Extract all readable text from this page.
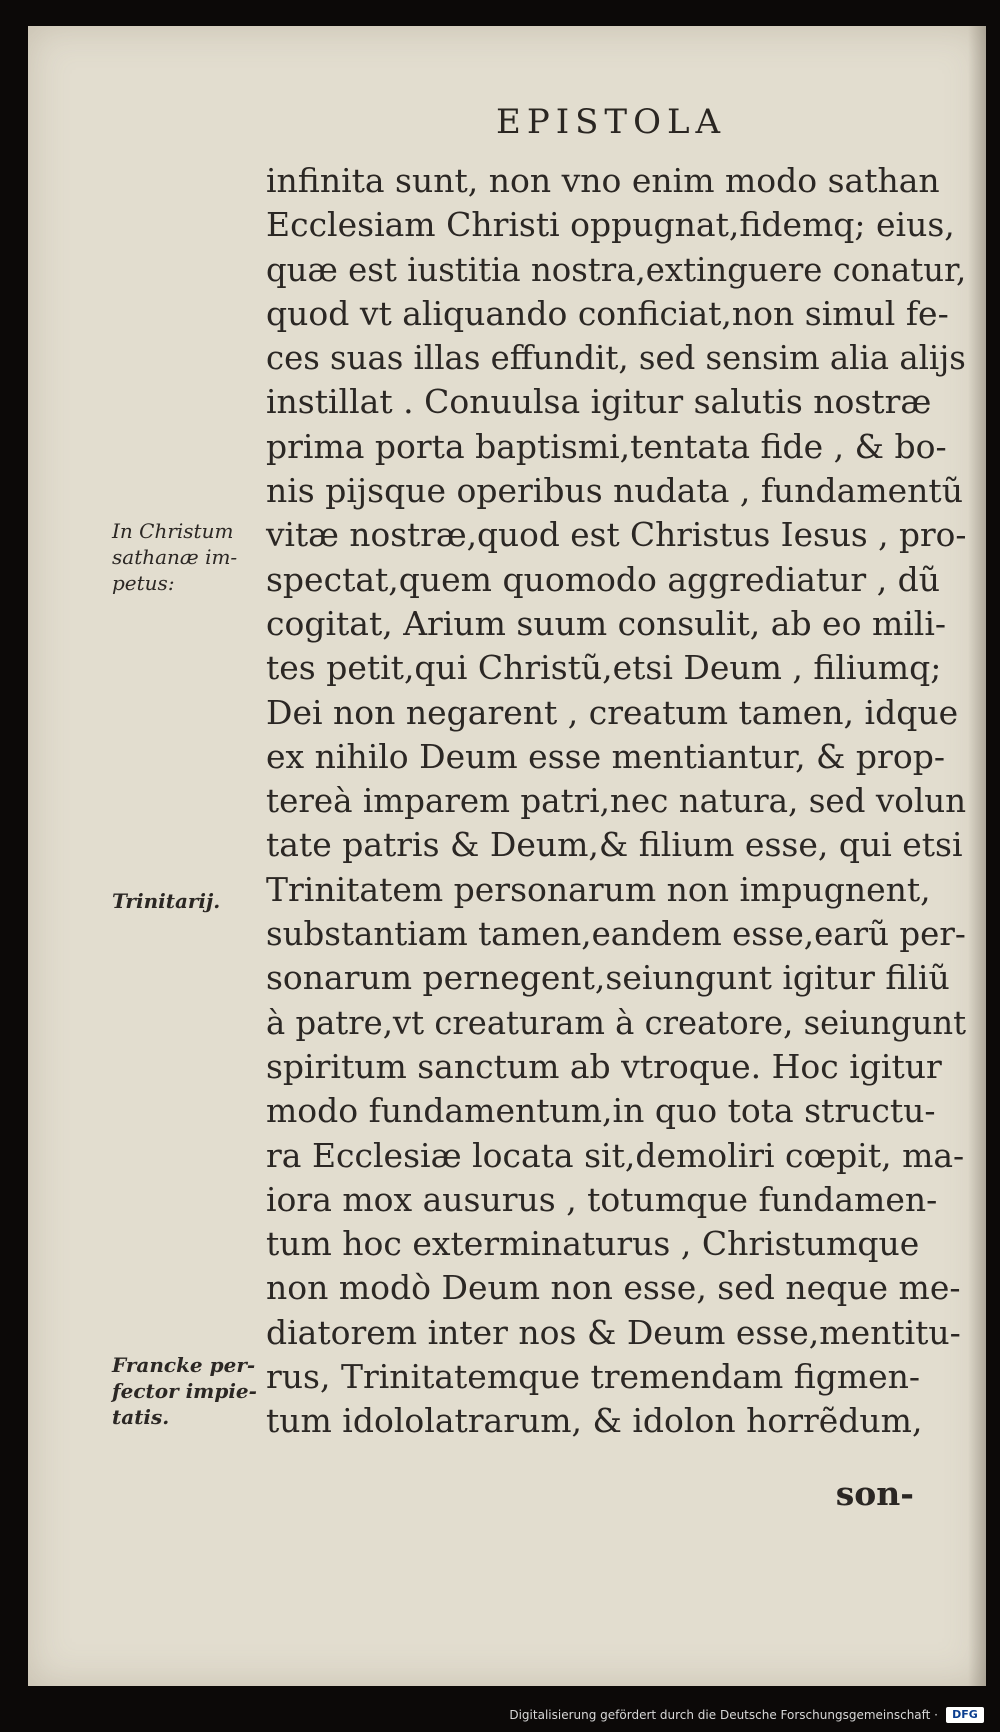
EPISTOLA
infinita sunt, non vno enim modo sathan
Ecclesiam Christi oppugnat,fidemq; eius,
quæ est iustitia nostra,extinguere conatur,
quod vt aliquando conficiat,non simul fe-
ces suas illas effundit, sed sensim alia alijs
instillat . Conuulsa igitur salutis nostræ
prima porta baptismi,tentata fide , & bo-
nis pijsque operibus nudata , fundamentũ
vitæ nostræ,quod est Christus Iesus , pro-
spectat,quem quomodo aggrediatur , dũ
cogitat, Arium suum consulit, ab eo mili-
tes petit,qui Christũ,etsi Deum , filiumq;
Dei non negarent , creatum tamen, idque
ex nihilo Deum esse mentiantur, & prop-
tereà imparem patri,nec natura, sed volun
tate patris & Deum,& filium esse, qui etsi
Trinitatem personarum non impugnent,
substantiam tamen,eandem esse,earũ per-
sonarum pernegent,seiungunt igitur filiũ
à patre,vt creaturam à creatore, seiungunt
spiritum sanctum ab vtroque. Hoc igitur
modo fundamentum,in quo tota structu-
ra Ecclesiæ locata sit,demoliri cœpit, ma-
iora mox ausurus , totumque fundamen-
tum hoc exterminaturus , Christumque
non modò Deum non esse, sed neque me-
diatorem inter nos & Deum esse,mentitu-
rus, Trinitatemque tremendam figmen-
tum idololatrarum, & idolon horrẽdum,
son-
In Christum
sathanæ im-
petus:
Trinitarij.
Francke per-
fector impie-
tatis.
Digitalisierung gefördert durch die Deutsche Forschungsgemeinschaft ·	DFG
